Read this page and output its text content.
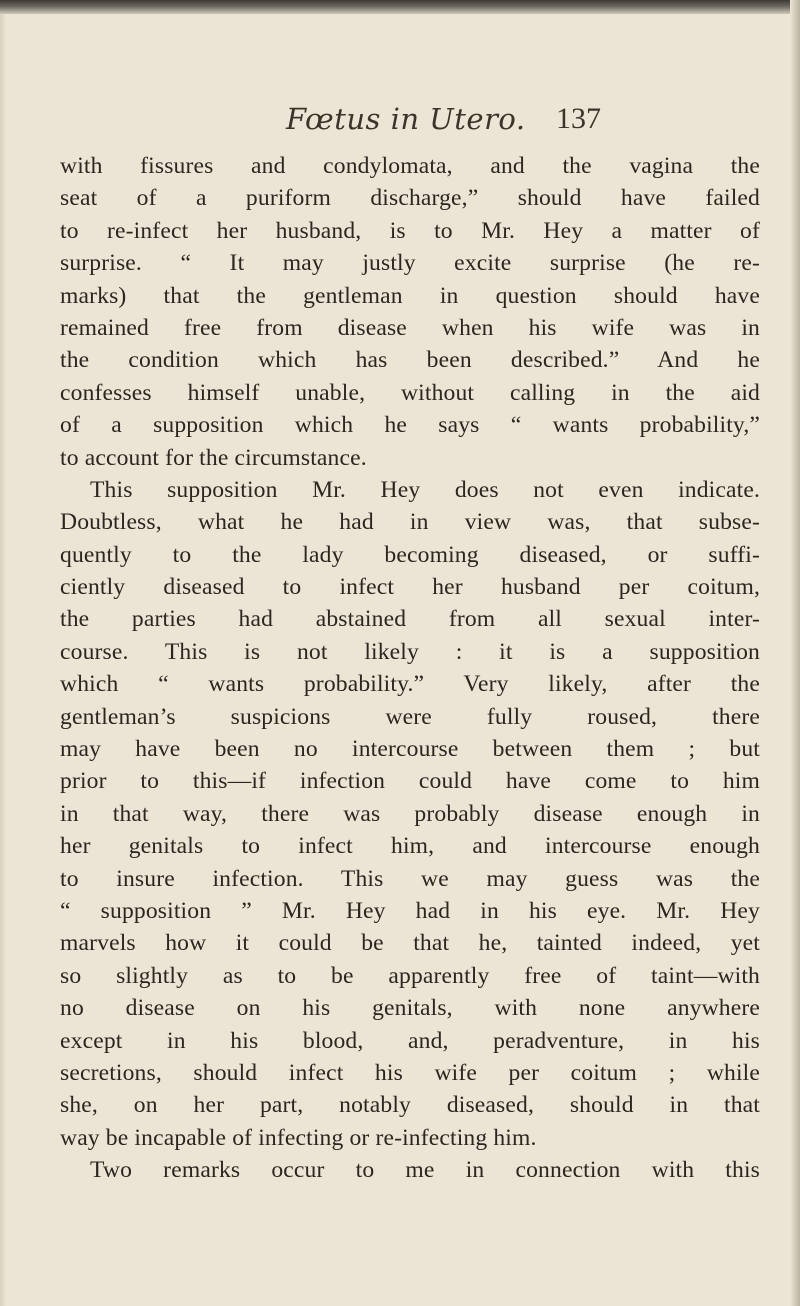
Fœtus in Utero. 137
with fissures and condylomata, and the vagina the
seat of a puriform discharge,” should have failed
to re-infect her husband, is to Mr. Hey a matter of
surprise. “ It may justly excite surprise (he re-
marks) that the gentleman in question should have
remained free from disease when his wife was in
the condition which has been described.” And he
confesses himself unable, without calling in the aid
of a supposition which he says “ wants probability,”
to account for the circumstance.
This supposition Mr. Hey does not even indicate.
Doubtless, what he had in view was, that subse-
quently to the lady becoming diseased, or suffi-
ciently diseased to infect her husband per coitum,
the parties had abstained from all sexual inter-
course. This is not likely : it is a supposition
which “ wants probability.” Very likely, after the
gentleman’s suspicions were fully roused, there
may have been no intercourse between them ; but
prior to this—if infection could have come to him
in that way, there was probably disease enough in
her genitals to infect him, and intercourse enough
to insure infection. This we may guess was the
“ supposition ” Mr. Hey had in his eye. Mr. Hey
marvels how it could be that he, tainted indeed, yet
so slightly as to be apparently free of taint—with
no disease on his genitals, with none anywhere
except in his blood, and, peradventure, in his
secretions, should infect his wife per coitum ; while
she, on her part, notably diseased, should in that
way be incapable of infecting or re-infecting him.
Two remarks occur to me in connection with this
